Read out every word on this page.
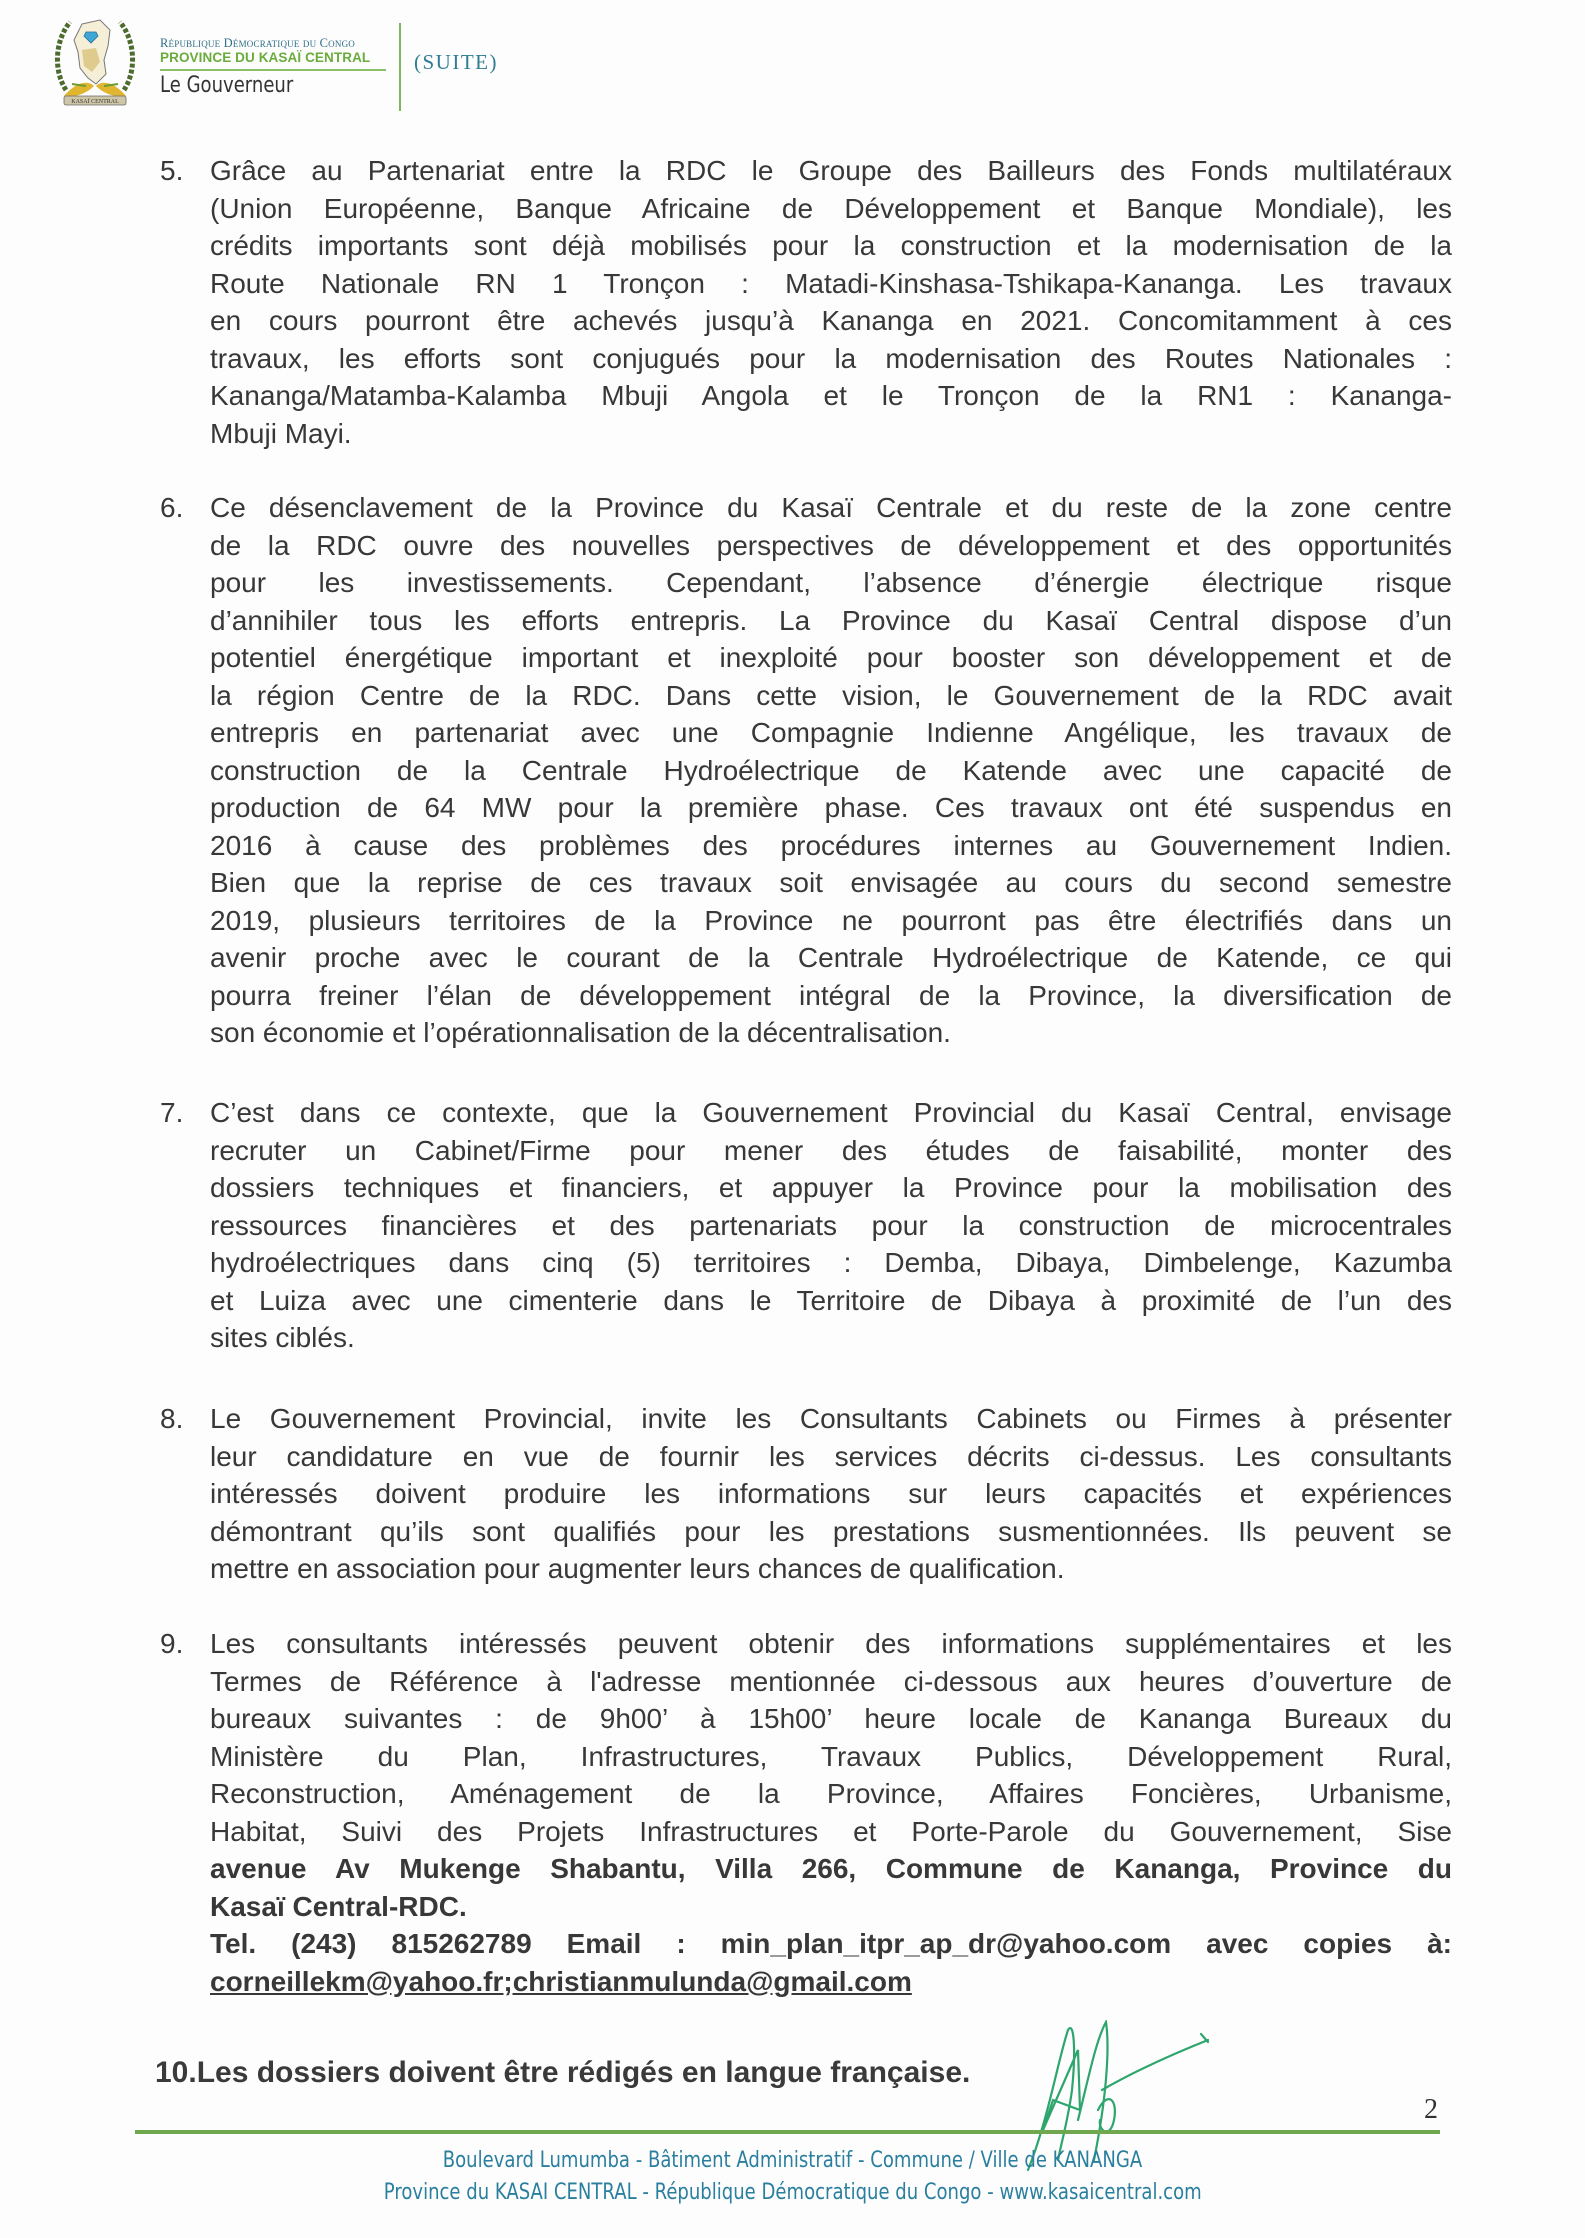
KASAÏ CENTRAL
République Démocratique du Congo
PROVINCE DU KASAÏ CENTRAL
Le Gouverneur
(SUITE)
5. Grâce au Partenariat entre la RDC le Groupe des Bailleurs des Fonds multilatéraux
(Union Européenne, Banque Africaine de Développement et Banque Mondiale), les
crédits importants sont déjà mobilisés pour la construction et la modernisation de la
Route Nationale RN 1 Tronçon : Matadi-Kinshasa-Tshikapa-Kananga. Les travaux
en cours pourront être achevés jusqu’à Kananga en 2021. Concomitamment à ces
travaux, les efforts sont conjugués pour la modernisation des Routes Nationales :
Kananga/Matamba-Kalamba Mbuji Angola et le Tronçon de la RN1 : Kananga-
Mbuji Mayi.
6. Ce désenclavement de la Province du Kasaï Centrale et du reste de la zone centre
de la RDC ouvre des nouvelles perspectives de développement et des opportunités
pour les investissements. Cependant, l’absence d’énergie électrique risque
d’annihiler tous les efforts entrepris. La Province du Kasaï Central dispose d’un
potentiel énergétique important et inexploité pour booster son développement et de
la région Centre de la RDC. Dans cette vision, le Gouvernement de la RDC avait
entrepris en partenariat avec une Compagnie Indienne Angélique, les travaux de
construction de la Centrale Hydroélectrique de Katende avec une capacité de
production de 64 MW pour la première phase. Ces travaux ont été suspendus en
2016 à cause des problèmes des procédures internes au Gouvernement Indien.
Bien que la reprise de ces travaux soit envisagée au cours du second semestre
2019, plusieurs territoires de la Province ne pourront pas être électrifiés dans un
avenir proche avec le courant de la Centrale Hydroélectrique de Katende, ce qui
pourra freiner l’élan de développement intégral de la Province, la diversification de
son économie et l’opérationnalisation de la décentralisation.
7. C’est dans ce contexte, que la Gouvernement Provincial du Kasaï Central, envisage
recruter un Cabinet/Firme pour mener des études de faisabilité, monter des
dossiers techniques et financiers, et appuyer la Province pour la mobilisation des
ressources financières et des partenariats pour la construction de microcentrales
hydroélectriques dans cinq (5) territoires : Demba, Dibaya, Dimbelenge, Kazumba
et Luiza avec une cimenterie dans le Territoire de Dibaya à proximité de l’un des
sites ciblés.
8. Le Gouvernement Provincial, invite les Consultants Cabinets ou Firmes à présenter
leur candidature en vue de fournir les services décrits ci-dessus. Les consultants
intéressés doivent produire les informations sur leurs capacités et expériences
démontrant qu’ils sont qualifiés pour les prestations susmentionnées. Ils peuvent se
mettre en association pour augmenter leurs chances de qualification.
9. Les consultants intéressés peuvent obtenir des informations supplémentaires et les
Termes de Référence à l'adresse mentionnée ci-dessous aux heures d’ouverture de
bureaux suivantes : de 9h00’ à 15h00’ heure locale de Kananga Bureaux du
Ministère du Plan, Infrastructures, Travaux Publics, Développement Rural,
Reconstruction, Aménagement de la Province, Affaires Foncières, Urbanisme,
Habitat, Suivi des Projets Infrastructures et Porte-Parole du Gouvernement, Sise
avenue Av Mukenge Shabantu, Villa 266, Commune de Kananga, Province du
Kasaï Central-RDC.
Tel. (243) 815262789 Email : min_plan_itpr_ap_dr@yahoo.com avec copies à:
corneillekm@yahoo.fr;christianmulunda@gmail.com
10.Les dossiers doivent être rédigés en langue française.
2
Boulevard Lumumba - Bâtiment Administratif - Commune / Ville de KANANGA
Province du KASAI CENTRAL - République Démocratique du Congo - www.kasaicentral.com
